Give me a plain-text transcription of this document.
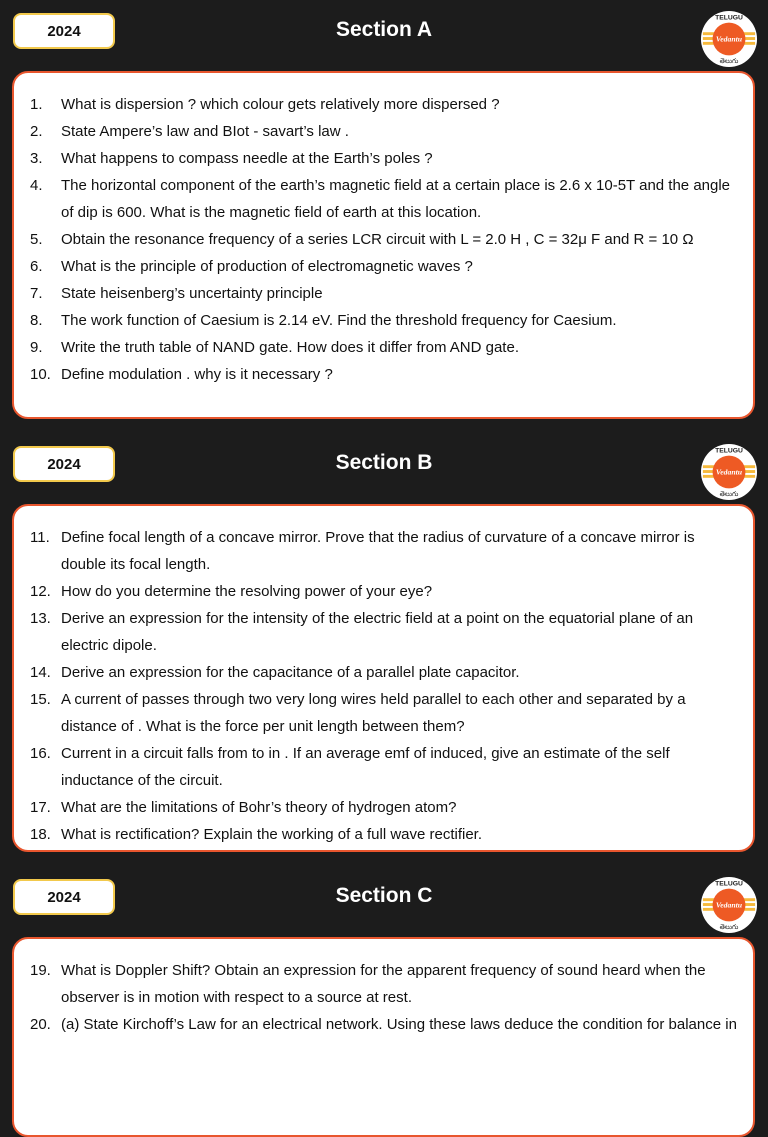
2024	Section A	TELUGU
Vedantu
తెలుగు
1. What is dispersion ? which colour gets relatively more dispersed ?
2. State Ampere’s law and BIot - savart’s law .
3. What happens to compass needle at the Earth’s poles ?
4. The horizontal component of the earth’s magnetic field at a certain place is 2.6 x 10-5T and the angle of dip is 600. What is the magnetic field of earth at this location.
5. Obtain the resonance frequency of a series LCR circuit with L = 2.0 H , C = 32μ F and R = 10 Ω
6. What is the principle of production of electromagnetic waves ?
7. State heisenberg’s uncertainty principle
8. The work function of Caesium is 2.14 eV. Find the threshold frequency for Caesium.
9. Write the truth table of NAND gate. How does it differ from AND gate.
10. Define modulation . why is it necessary ?
2024	Section B	TELUGU
Vedantu
తెలుగు
11. Define focal length of a concave mirror. Prove that the radius of curvature of a concave mirror is double its focal length.
12. How do you determine the resolving power of your eye?
13. Derive an expression for the intensity of the electric field at a point on the equatorial plane of an electric dipole.
14. Derive an expression for the capacitance of a parallel plate capacitor.
15. A current of passes through two very long wires held parallel to each other and separated by a distance of . What is the force per unit length between them?
16. Current in a circuit falls from to in . If an average emf of induced, give an estimate of the self inductance of the circuit.
17. What are the limitations of Bohr’s theory of hydrogen atom?
18. What is rectification? Explain the working of a full wave rectifier.
2024	Section C	TELUGU
Vedantu
తెలుగు
19. What is Doppler Shift? Obtain an expression for the apparent frequency of sound heard when the observer is in motion with respect to a source at rest.
20. (a) State Kirchoff’s Law for an electrical network. Using these laws deduce the condition for balance in
